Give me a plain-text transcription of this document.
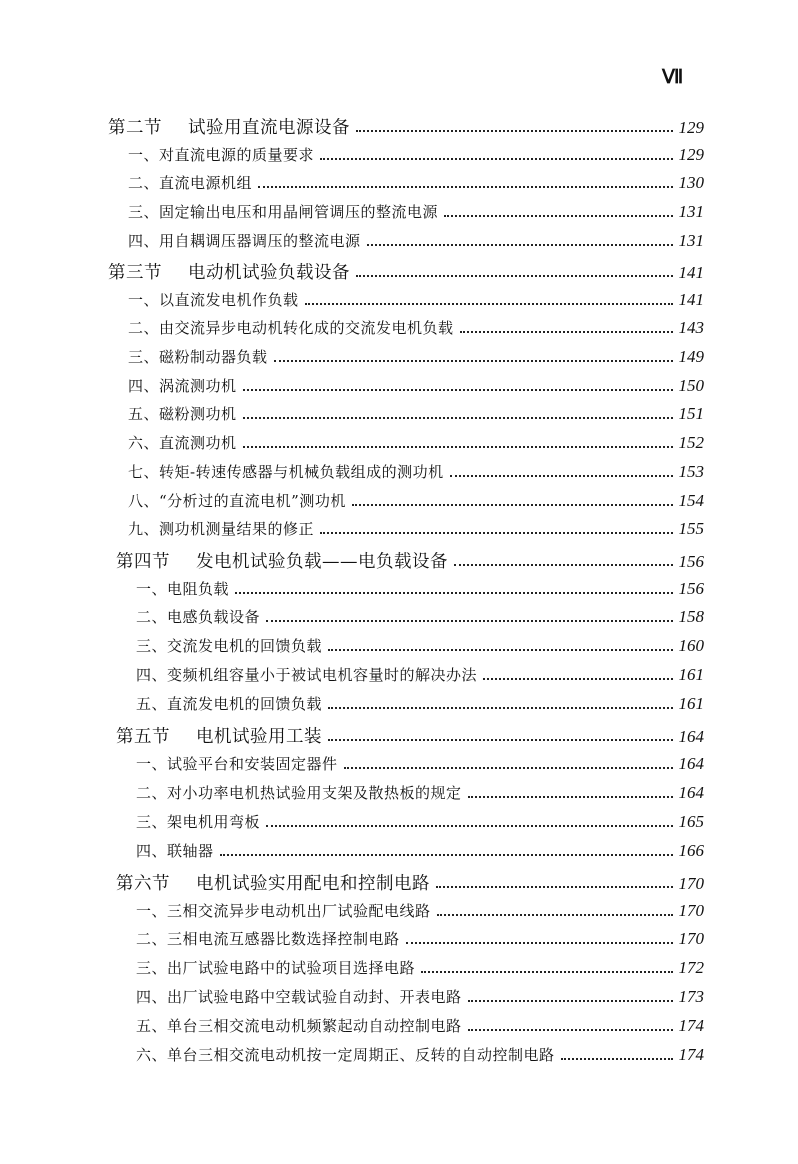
Ⅶ
第二节 试验用直流电源设备	129
一、对直流电源的质量要求	129
二、直流电源机组	130
三、固定输出电压和用晶闸管调压的整流电源	131
四、用自耦调压器调压的整流电源	131
第三节 电动机试验负载设备	141
一、以直流发电机作负载	141
二、由交流异步电动机转化成的交流发电机负载	143
三、磁粉制动器负载	149
四、涡流测功机	150
五、磁粉测功机	151
六、直流测功机	152
七、转矩-转速传感器与机械负载组成的测功机	153
八、“分析过的直流电机”测功机	154
九、测功机测量结果的修正	155
第四节 发电机试验负载——电负载设备	156
一、电阻负载	156
二、电感负载设备	158
三、交流发电机的回馈负载	160
四、变频机组容量小于被试电机容量时的解决办法	161
五、直流发电机的回馈负载	161
第五节 电机试验用工装	164
一、试验平台和安装固定器件	164
二、对小功率电机热试验用支架及散热板的规定	164
三、架电机用弯板	165
四、联轴器	166
第六节 电机试验实用配电和控制电路	170
一、三相交流异步电动机出厂试验配电线路	170
二、三相电流互感器比数选择控制电路	170
三、出厂试验电路中的试验项目选择电路	172
四、出厂试验电路中空载试验自动封、开表电路	173
五、单台三相交流电动机频繁起动自动控制电路	174
六、单台三相交流电动机按一定周期正、反转的自动控制电路	174
